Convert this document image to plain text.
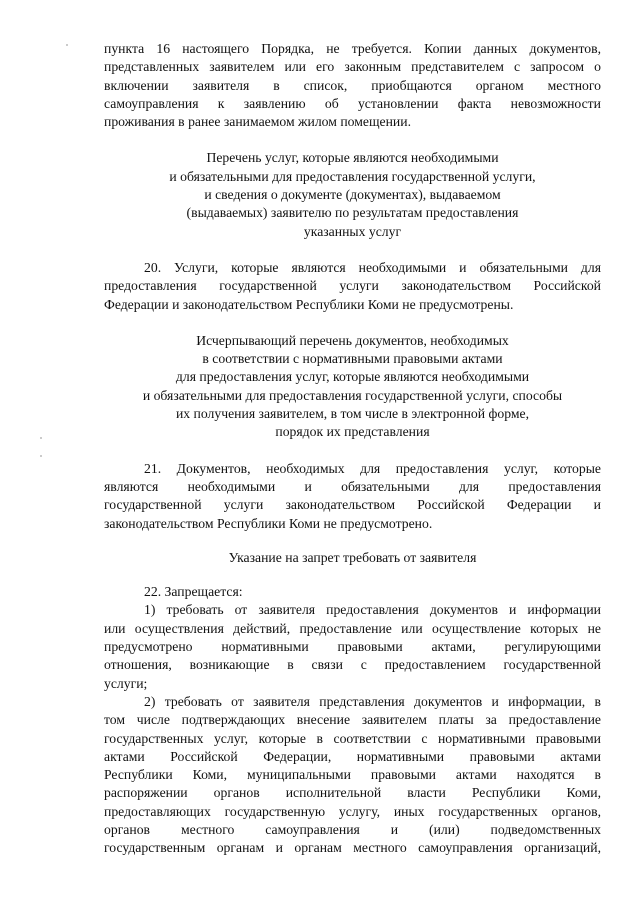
пункта 16 настоящего Порядка, не требуется. Копии данных документов,
представленных заявителем или его законным представителем с запросом о
включении заявителя в список, приобщаются органом местного
самоуправления к заявлению об установлении факта невозможности
проживания в ранее занимаемом жилом помещении.
Перечень услуг, которые являются необходимыми
и обязательными для предоставления государственной услуги,
и сведения о документе (документах), выдаваемом
(выдаваемых) заявителю по результатам предоставления
указанных услуг
20. Услуги, которые являются необходимыми и обязательными для
предоставления государственной услуги законодательством Российской
Федерации и законодательством Республики Коми не предусмотрены.
Исчерпывающий перечень документов, необходимых
в соответствии с нормативными правовыми актами
для предоставления услуг, которые являются необходимыми
и обязательными для предоставления государственной услуги, способы
их получения заявителем, в том числе в электронной форме,
порядок их представления
21. Документов, необходимых для предоставления услуг, которые
являются необходимыми и обязательными для предоставления
государственной услуги законодательством Российской Федерации и
законодательством Республики Коми не предусмотрено.
Указание на запрет требовать от заявителя
22. Запрещается:
1) требовать от заявителя предоставления документов и информации
или осуществления действий, предоставление или осуществление которых не
предусмотрено нормативными правовыми актами, регулирующими
отношения, возникающие в связи с предоставлением государственной
услуги;
2) требовать от заявителя представления документов и информации, в
том числе подтверждающих внесение заявителем платы за предоставление
государственных услуг, которые в соответствии с нормативными правовыми
актами Российской Федерации, нормативными правовыми актами
Республики Коми, муниципальными правовыми актами находятся в
распоряжении органов исполнительной власти Республики Коми,
предоставляющих государственную услугу, иных государственных органов,
органов местного самоуправления и (или) подведомственных
государственным органам и органам местного самоуправления организаций,
